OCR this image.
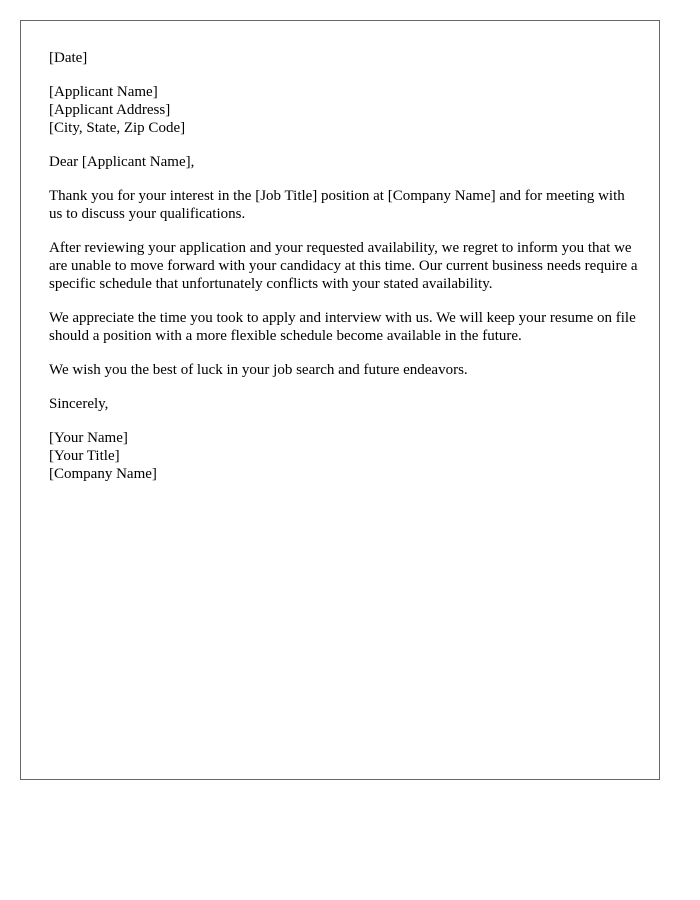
[Date]
[Applicant Name]
[Applicant Address]
[City, State, Zip Code]
Dear [Applicant Name],

Thank you for your interest in the [Job Title] position at [Company Name] and for meeting with us to discuss your qualifications.

After reviewing your application and your requested availability, we regret to inform you that we are unable to move forward with your candidacy at this time. Our current business needs require a specific schedule that unfortunately conflicts with your stated availability.

We appreciate the time you took to apply and interview with us. We will keep your resume on file should a position with a more flexible schedule become available in the future.

We wish you the best of luck in your job search and future endeavors.

Sincerely,
[Your Name]
[Your Title]
[Company Name]
